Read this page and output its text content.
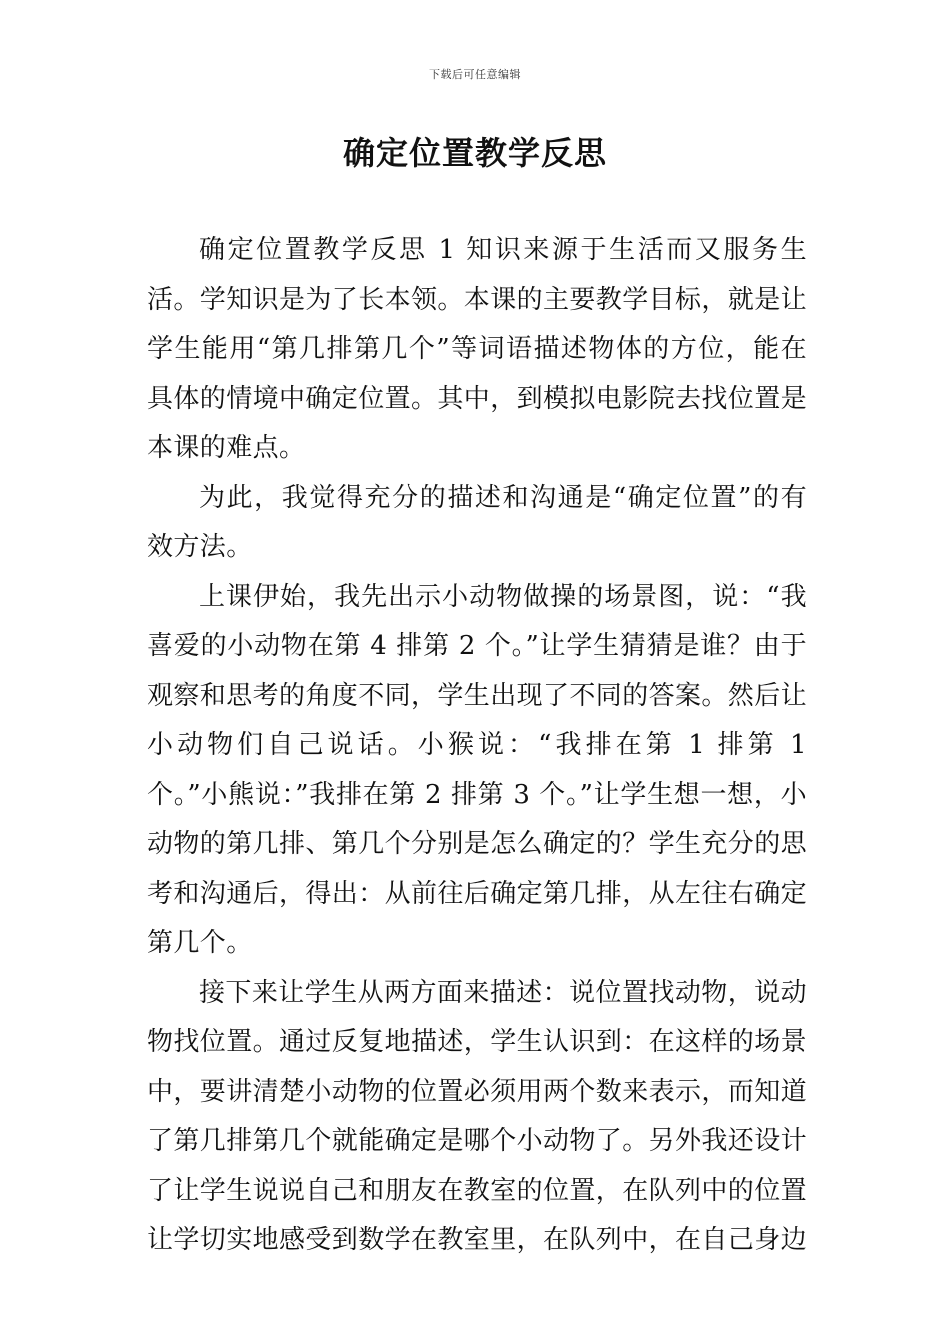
下载后可任意编辑
确定位置教学反思

确定位置教学反思 1 知识来源于生活而又服务生活。学知识是为了长本领。本课的主要教学目标，就是让学生能用“第几排第几个”等词语描述物体的方位，能在具体的情境中确定位置。其中，到模拟电影院去找位置是本课的难点。

为此，我觉得充分的描述和沟通是“确定位置”的有效方法。

上课伊始，我先出示小动物做操的场景图，说：“我喜爱的小动物在第 4 排第 2 个。”让学生猜猜是谁？由于观察和思考的角度不同，学生出现了不同的答案。然后让小动物们自己说话。小猴说：“我排在第 1 排第 1 个。”小熊说：”我排在第 2 排第 3 个。”让学生想一想，小动物的第几排、第几个分别是怎么确定的？学生充分的思考和沟通后，得出：从前往后确定第几排，从左往右确定第几个。

接下来让学生从两方面来描述：说位置找动物，说动物找位置。通过反复地描述，学生认识到：在这样的场景中，要讲清楚小动物的位置必须用两个数来表示，而知道了第几排第几个就能确定是哪个小动物了。另外我还设计了让学生说说自己和朋友在教室的位置，在队列中的位置让学切实地感受到数学在教室里，在队列中，在自己身边
